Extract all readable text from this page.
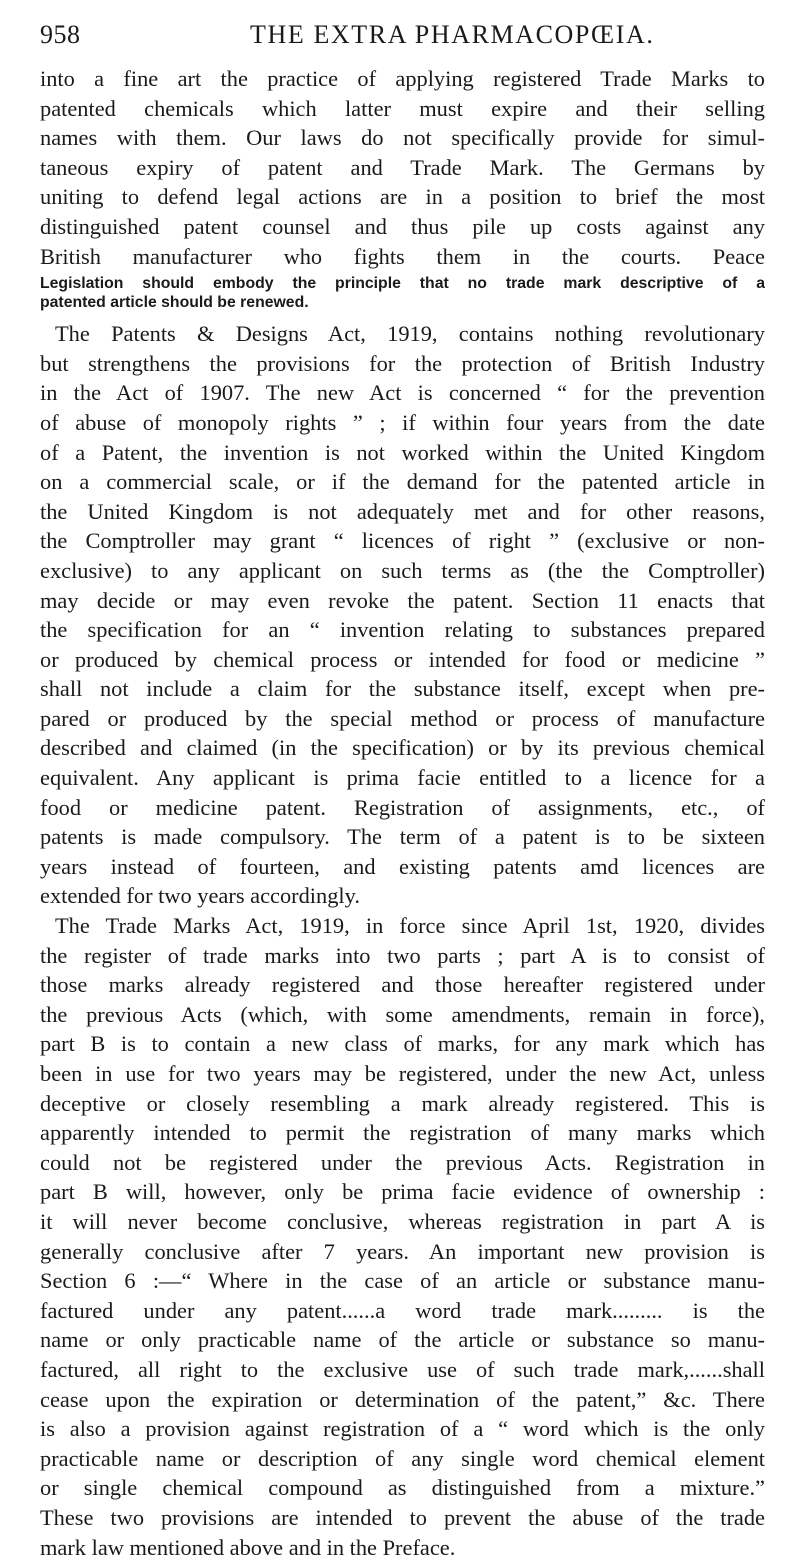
958	THE EXTRA PHARMACOPŒIA.
into a fine art the practice of applying registered Trade Marks to
patented chemicals which latter must expire and their selling
names with them. Our laws do not specifically provide for simul-
taneous expiry of patent and Trade Mark. The Germans by
uniting to defend legal actions are in a position to brief the most
distinguished patent counsel and thus pile up costs against any
British manufacturer who fights them in the courts. Peace
Legislation should embody the principle that no trade mark descriptive of a
patented article should be renewed.
The Patents & Designs Act, 1919, contains nothing revolutionary
but strengthens the provisions for the protection of British Industry
in the Act of 1907. The new Act is concerned “ for the prevention
of abuse of monopoly rights ” ; if within four years from the date
of a Patent, the invention is not worked within the United Kingdom
on a commercial scale, or if the demand for the patented article in
the United Kingdom is not adequately met and for other reasons,
the Comptroller may grant “ licences of right ” (exclusive or non-
exclusive) to any applicant on such terms as (the the Comptroller)
may decide or may even revoke the patent. Section 11 enacts that
the specification for an “ invention relating to substances prepared
or produced by chemical process or intended for food or medicine ”
shall not include a claim for the substance itself, except when pre-
pared or produced by the special method or process of manufacture
described and claimed (in the specification) or by its previous chemical
equivalent. Any applicant is prima facie entitled to a licence for a
food or medicine patent. Registration of assignments, etc., of
patents is made compulsory. The term of a patent is to be sixteen
years instead of fourteen, and existing patents amd licences are
extended for two years accordingly.
The Trade Marks Act, 1919, in force since April 1st, 1920, divides
the register of trade marks into two parts ; part A is to consist of
those marks already registered and those hereafter registered under
the previous Acts (which, with some amendments, remain in force),
part B is to contain a new class of marks, for any mark which has
been in use for two years may be registered, under the new Act, unless
deceptive or closely resembling a mark already registered. This is
apparently intended to permit the registration of many marks which
could not be registered under the previous Acts. Registration in
part B will, however, only be prima facie evidence of ownership :
it will never become conclusive, whereas registration in part A is
generally conclusive after 7 years. An important new provision is
Section 6 :—“ Where in the case of an article or substance manu-
factured under any patent......a word trade mark......... is the
name or only practicable name of the article or substance so manu-
factured, all right to the exclusive use of such trade mark,......shall
cease upon the expiration or determination of the patent,” &c. There
is also a provision against registration of a “ word which is the only
practicable name or description of any single word chemical element
or single chemical compound as distinguished from a mixture.”
These two provisions are intended to prevent the abuse of the trade
mark law mentioned above and in the Preface.
